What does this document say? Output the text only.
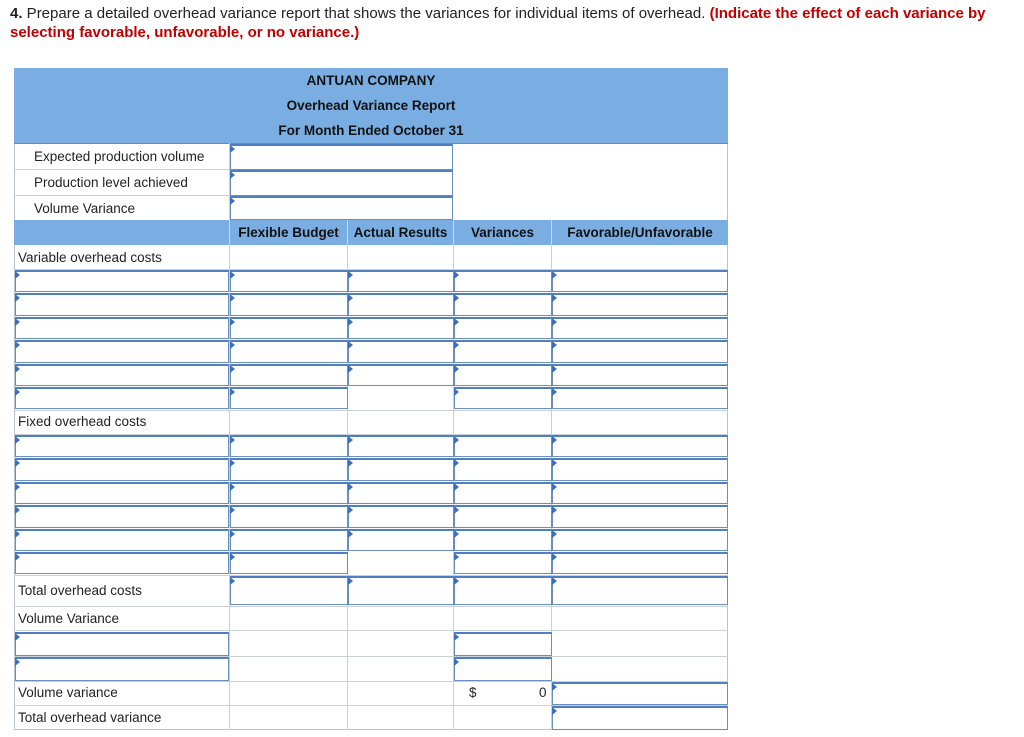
4. Prepare a detailed overhead variance report that shows the variances for individual items of overhead. (Indicate the effect of each variance by selecting favorable, unfavorable, or no variance.)
ANTUAN COMPANY
Overhead Variance Report
For Month Ended October 31
Expected production volume
Production level achieved
Volume Variance
Flexible Budget	Actual Results	Variances	Favorable/Unfavorable
Variable overhead costs
Fixed overhead costs
Total overhead costs
Volume Variance
Volume variance	$	0
Total overhead variance
